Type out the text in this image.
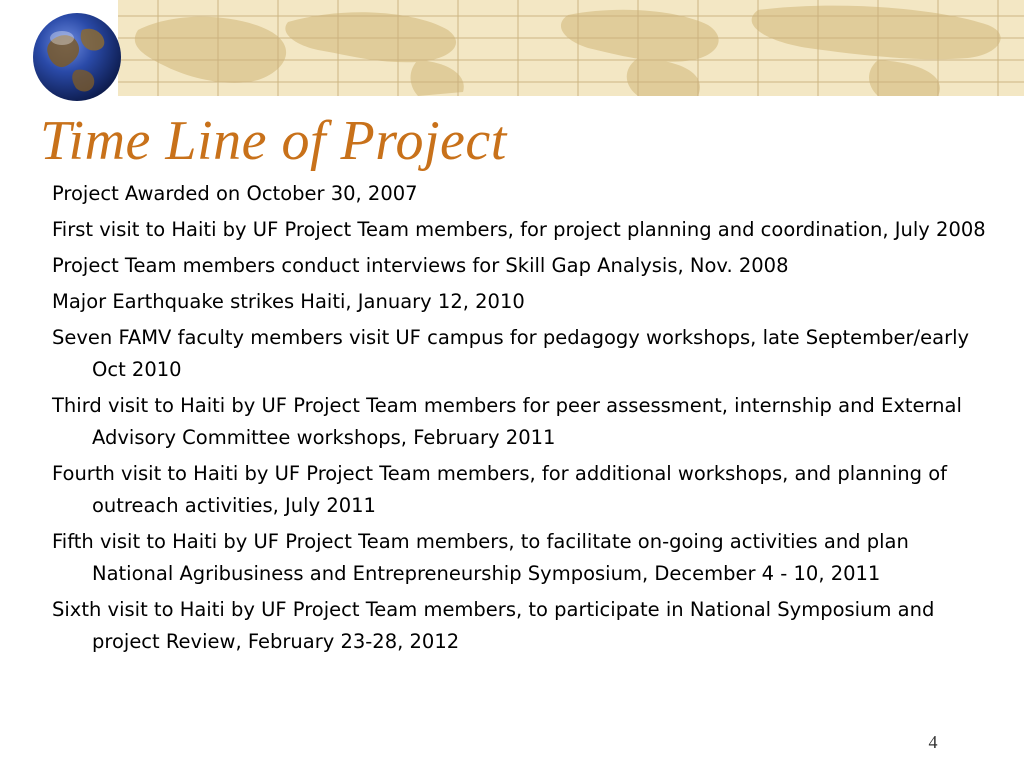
Time Line of Project
Project Awarded on October 30, 2007
First visit to Haiti by UF Project Team members, for project planning and coordination, July 2008
Project Team members conduct interviews for Skill Gap Analysis, Nov. 2008
Major Earthquake strikes Haiti, January 12, 2010
Seven FAMV faculty members visit UF campus for pedagogy workshops, late September/early Oct 2010
Third visit to Haiti by UF Project Team members for peer assessment, internship and External Advisory Committee workshops, February 2011
Fourth visit to Haiti by UF Project Team members, for additional workshops, and planning of outreach activities, July 2011
Fifth visit to Haiti by UF Project Team members, to facilitate on-going activities and plan National Agribusiness and Entrepreneurship Symposium, December 4 - 10, 2011
Sixth visit to Haiti by UF Project Team members, to participate in National Symposium and project Review, February 23-28, 2012
4
